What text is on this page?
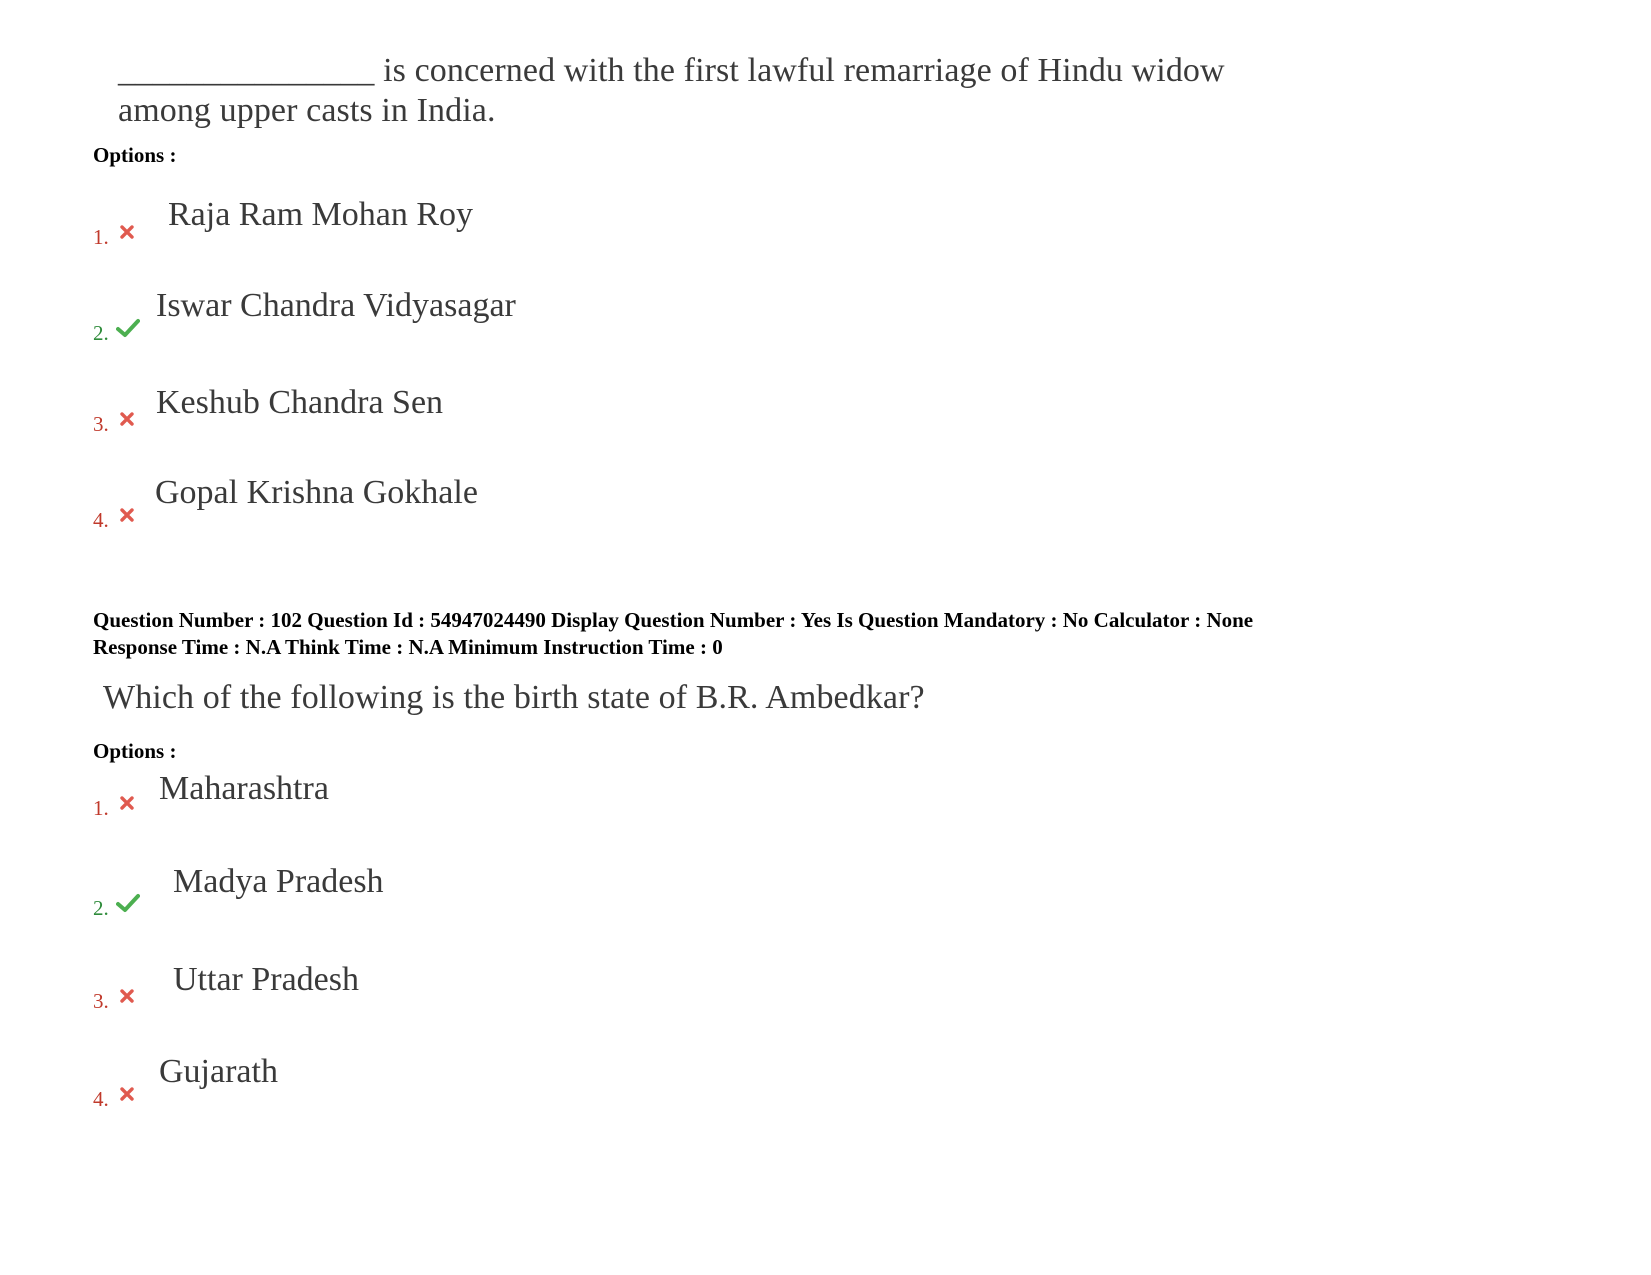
_______________ is concerned with the first lawful remarriage of Hindu widow
among upper casts in India.
Options :
1.
Raja Ram Mohan Roy
2.
Iswar Chandra Vidyasagar
3.
Keshub Chandra Sen
4.
Gopal Krishna Gokhale
Question Number : 102 Question Id : 54947024490 Display Question Number : Yes Is Question Mandatory : No Calculator : None
Response Time : N.A Think Time : N.A Minimum Instruction Time : 0
Which of the following is the birth state of B.R. Ambedkar?
Options :
1.
Maharashtra
2.
Madya Pradesh
3.
Uttar Pradesh
4.
Gujarath
